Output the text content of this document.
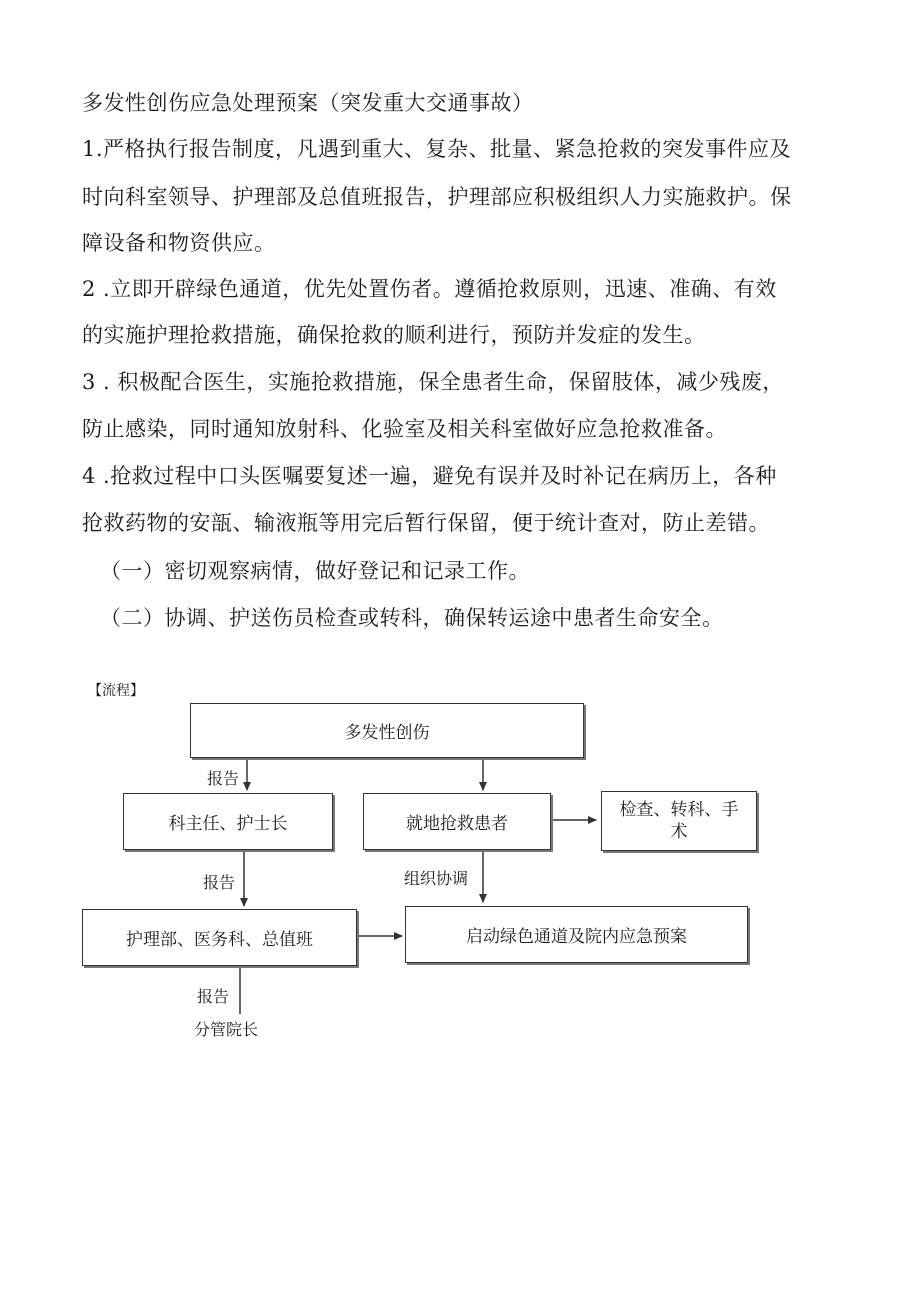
多发性创伤应急处理预案（突发重大交通事故）
1.严格执行报告制度，凡遇到重大、复杂、批量、紧急抢救的突发事件应及
时向科室领导、护理部及总值班报告，护理部应积极组织人力实施救护。保
障设备和物资供应。
2 .立即开辟绿色通道，优先处置伤者。遵循抢救原则，迅速、准确、有效
的实施护理抢救措施，确保抢救的顺利进行，预防并发症的发生。
3 . 积极配合医生，实施抢救措施，保全患者生命，保留肢体，减少残废，
防止感染，同时通知放射科、化验室及相关科室做好应急抢救准备。
4 .抢救过程中口头医嘱要复述一遍，避免有误并及时补记在病历上，各种
抢救药物的安瓿、输液瓶等用完后暂行保留，便于统计查对，防止差错。
（一）密切观察病情，做好登记和记录工作。
（二）协调、护送伤员检查或转科，确保转运途中患者生命安全。
【流程】
多发性创伤
科主任、护士长	就地抢救患者
检查、转科、手
术
护理部、医务科、总值班	启动绿色通道及院内应急预案
报告
报告	组织协调
报告
分管院长
